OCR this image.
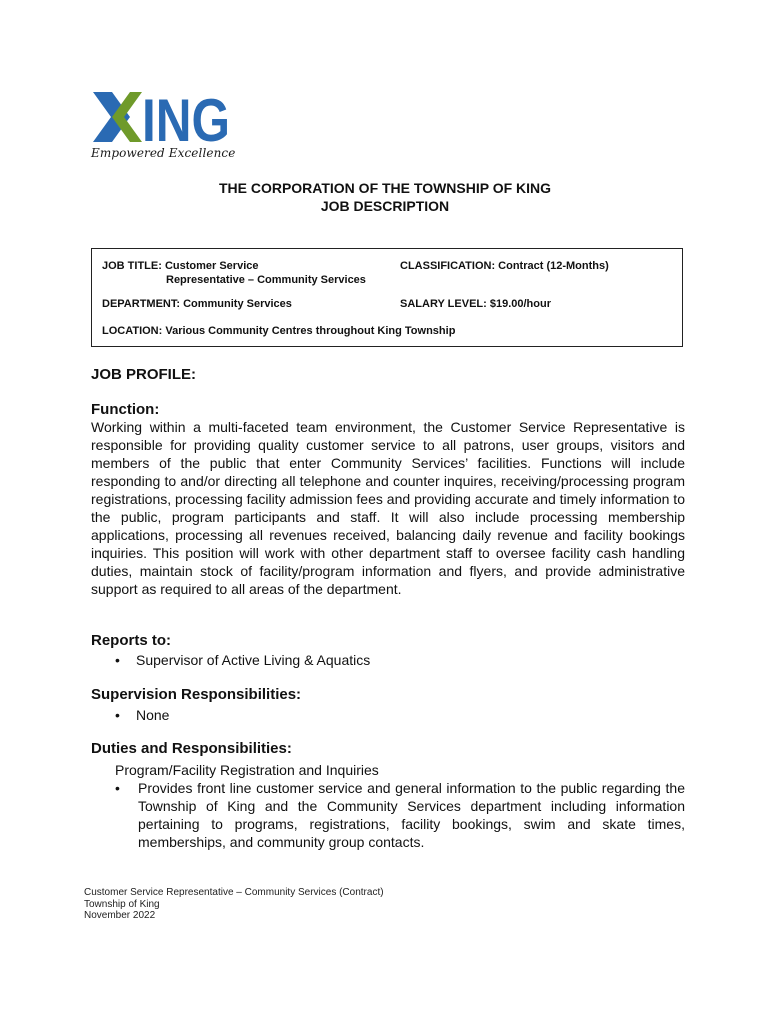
ING
Empowered Excellence
THE CORPORATION OF THE TOWNSHIP OF KING
JOB DESCRIPTION
JOB TITLE: Customer Service
Representative – Community Services
CLASSIFICATION: Contract (12-Months)
DEPARTMENT: Community Services	SALARY LEVEL: $19.00/hour
LOCATION: Various Community Centres throughout King Township
JOB PROFILE:
Function:

Working within a multi-faceted team environment, the Customer Service Representative is responsible for providing quality customer service to all patrons, user groups, visitors and members of the public that enter Community Services’ facilities. Functions will include responding to and/or directing all telephone and counter inquires, receiving/processing program registrations, processing facility admission fees and providing accurate and timely information to the public, program participants and staff. It will also include processing membership applications, processing all revenues received, balancing daily revenue and facility bookings inquiries. This position will work with other department staff to oversee facility cash handling duties, maintain stock of facility/program information and flyers, and provide administrative support as required to all areas of the department.

Reports to:
• Supervisor of Active Living & Aquatics
Supervision Responsibilities:
• None
Duties and Responsibilities:
Program/Facility Registration and Inquiries
• Provides front line customer service and general information to the public regarding the Township of King and the Community Services department including information pertaining to programs, registrations, facility bookings, swim and skate times, memberships, and community group contacts.
Customer Service Representative – Community Services (Contract)
Township of King
November 2022
